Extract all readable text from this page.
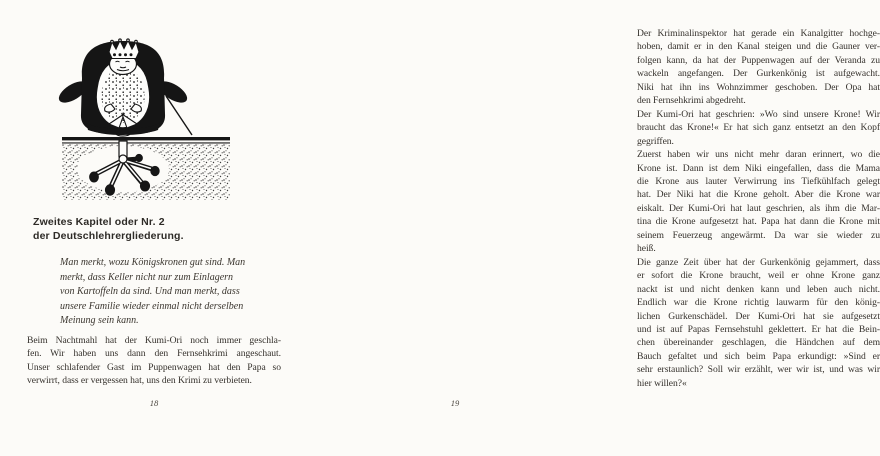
Zweites Kapitel oder Nr. 2
der Deutschlehrergliederung.
Man merkt, wozu Königskronen gut sind. Man
merkt, dass Keller nicht nur zum Einlagern
von Kartoffeln da sind. Und man merkt, dass
unsere Familie wieder einmal nicht derselben
Meinung sein kann.
Beim Nachtmahl hat der Kumi-Ori noch immer geschla-
fen. Wir haben uns dann den Fernsehkrimi angeschaut.
Unser schlafender Gast im Puppenwagen hat den Papa so
verwirrt, dass er vergessen hat, uns den Krimi zu verbieten.
18
Der Kriminalinspektor hat gerade ein Kanalgitter hochge-
hoben, damit er in den Kanal steigen und die Gauner ver-
folgen kann, da hat der Puppenwagen auf der Veranda zu
wackeln angefangen. Der Gurkenkönig ist aufgewacht.
Niki hat ihn ins Wohnzimmer geschoben. Der Opa hat
den Fernsehkrimi abgedreht.
Der Kumi-Ori hat geschrien: »Wo sind unsere Krone! Wir
braucht das Krone!« Er hat sich ganz entsetzt an den Kopf
gegriffen.
Zuerst haben wir uns nicht mehr daran erinnert, wo die
Krone ist. Dann ist dem Niki eingefallen, dass die Mama
die Krone aus lauter Verwirrung ins Tiefkühlfach gelegt
hat. Der Niki hat die Krone geholt. Aber die Krone war
eiskalt. Der Kumi-Ori hat laut geschrien, als ihm die Mar-
tina die Krone aufgesetzt hat. Papa hat dann die Krone mit
seinem Feuerzeug angewärmt. Da war sie wieder zu
heiß.
Die ganze Zeit über hat der Gurkenkönig gejammert, dass
er sofort die Krone braucht, weil er ohne Krone ganz
nackt ist und nicht denken kann und leben auch nicht.
Endlich war die Krone richtig lauwarm für den könig-
lichen Gurkenschädel. Der Kumi-Ori hat sie aufgesetzt
und ist auf Papas Fernsehstuhl geklettert. Er hat die Bein-
chen übereinander geschlagen, die Händchen auf dem
Bauch gefaltet und sich beim Papa erkundigt: »Sind er
sehr erstaunlich? Soll wir erzählt, wer wir ist, und was wir
hier willen?«
19
